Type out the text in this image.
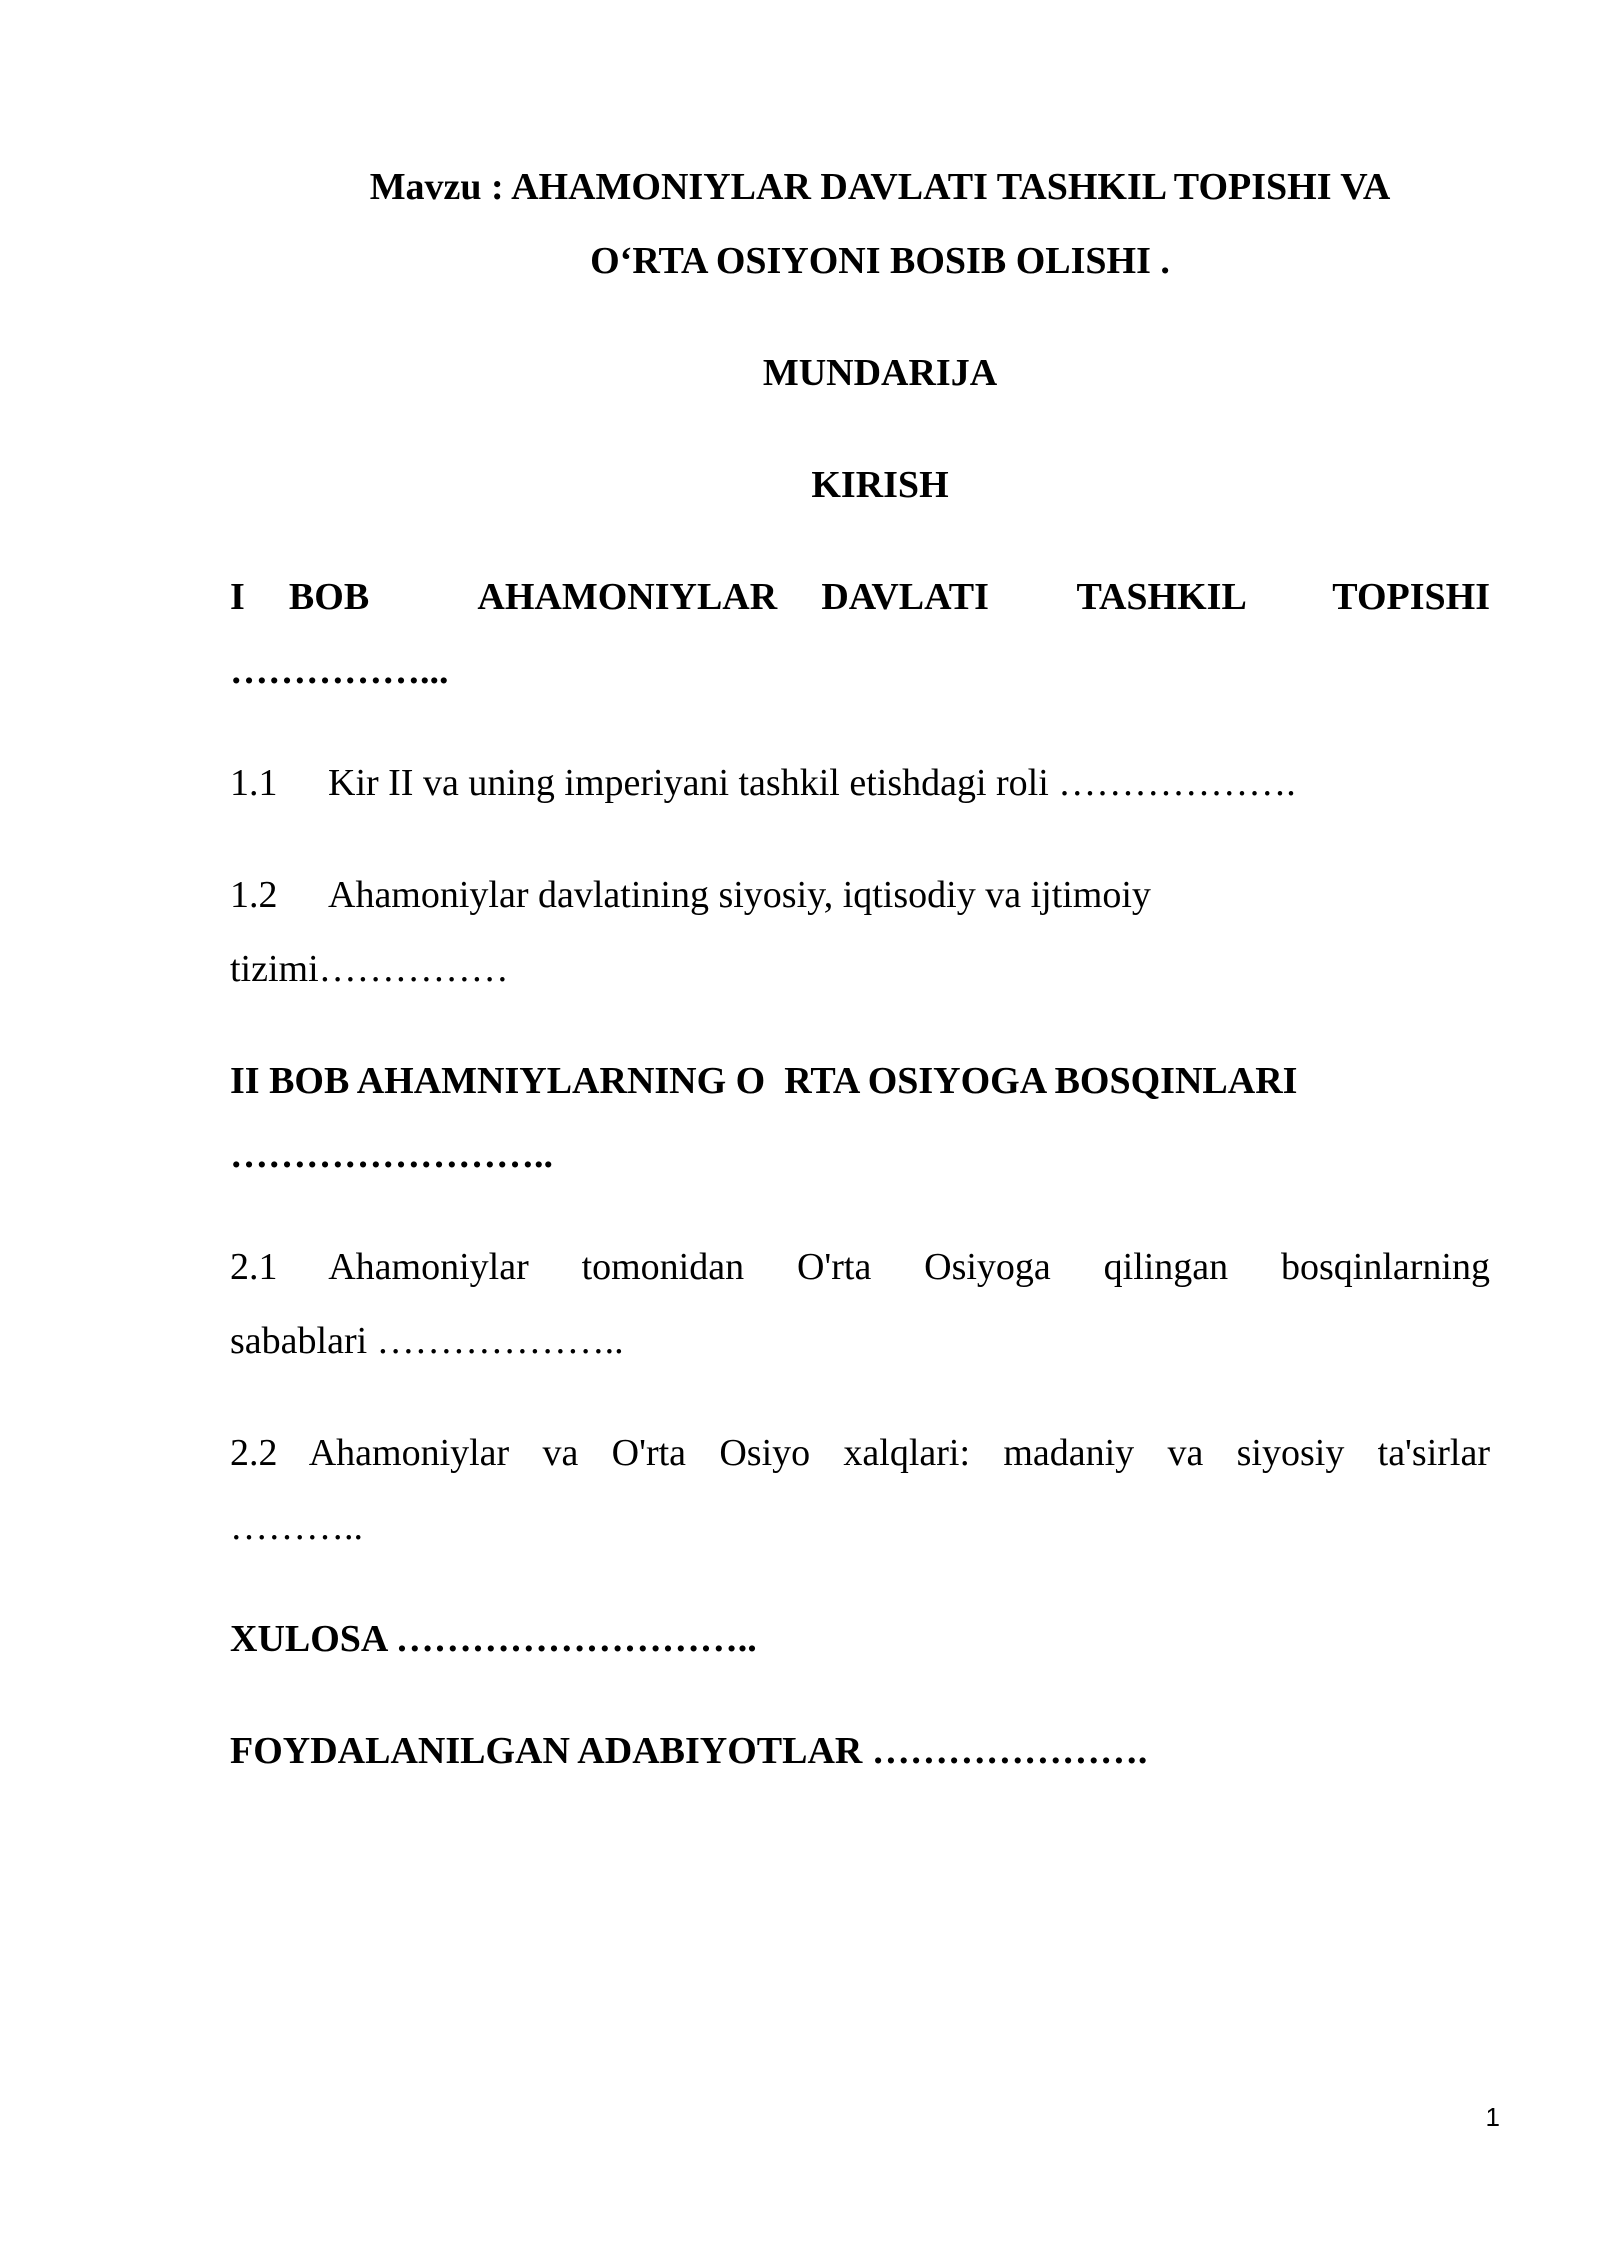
Mavzu : AHAMONIYLAR DAVLATI TASHKIL TOPISHI VA
O‘RTA OSIYONI BOSIB OLISHI .
MUNDARIJA
KIRISH
I  BOB     AHAMONIYLAR  DAVLATI    TASHKIL    TOPISHI
……………...
1.1 Kir II va uning imperiyani tashkil etishdagi roli ……………….
1.2 Ahamoniylar davlatining siyosiy, iqtisodiy va ijtimoiy
tizimi……………
II BOB AHAMNIYLARNING O  RTA OSIYOGA BOSQINLARI
……………………..
2.1 Ahamoniylar tomonidan O'rta Osiyoga qilingan bosqinlarning
sabablari ………………..
2.2 Ahamoniylar va O'rta Osiyo xalqlari: madaniy va siyosiy ta'sirlar
………..
XULOSA ………………………..
FOYDALANILGAN ADABIYOTLAR ………………….
1
